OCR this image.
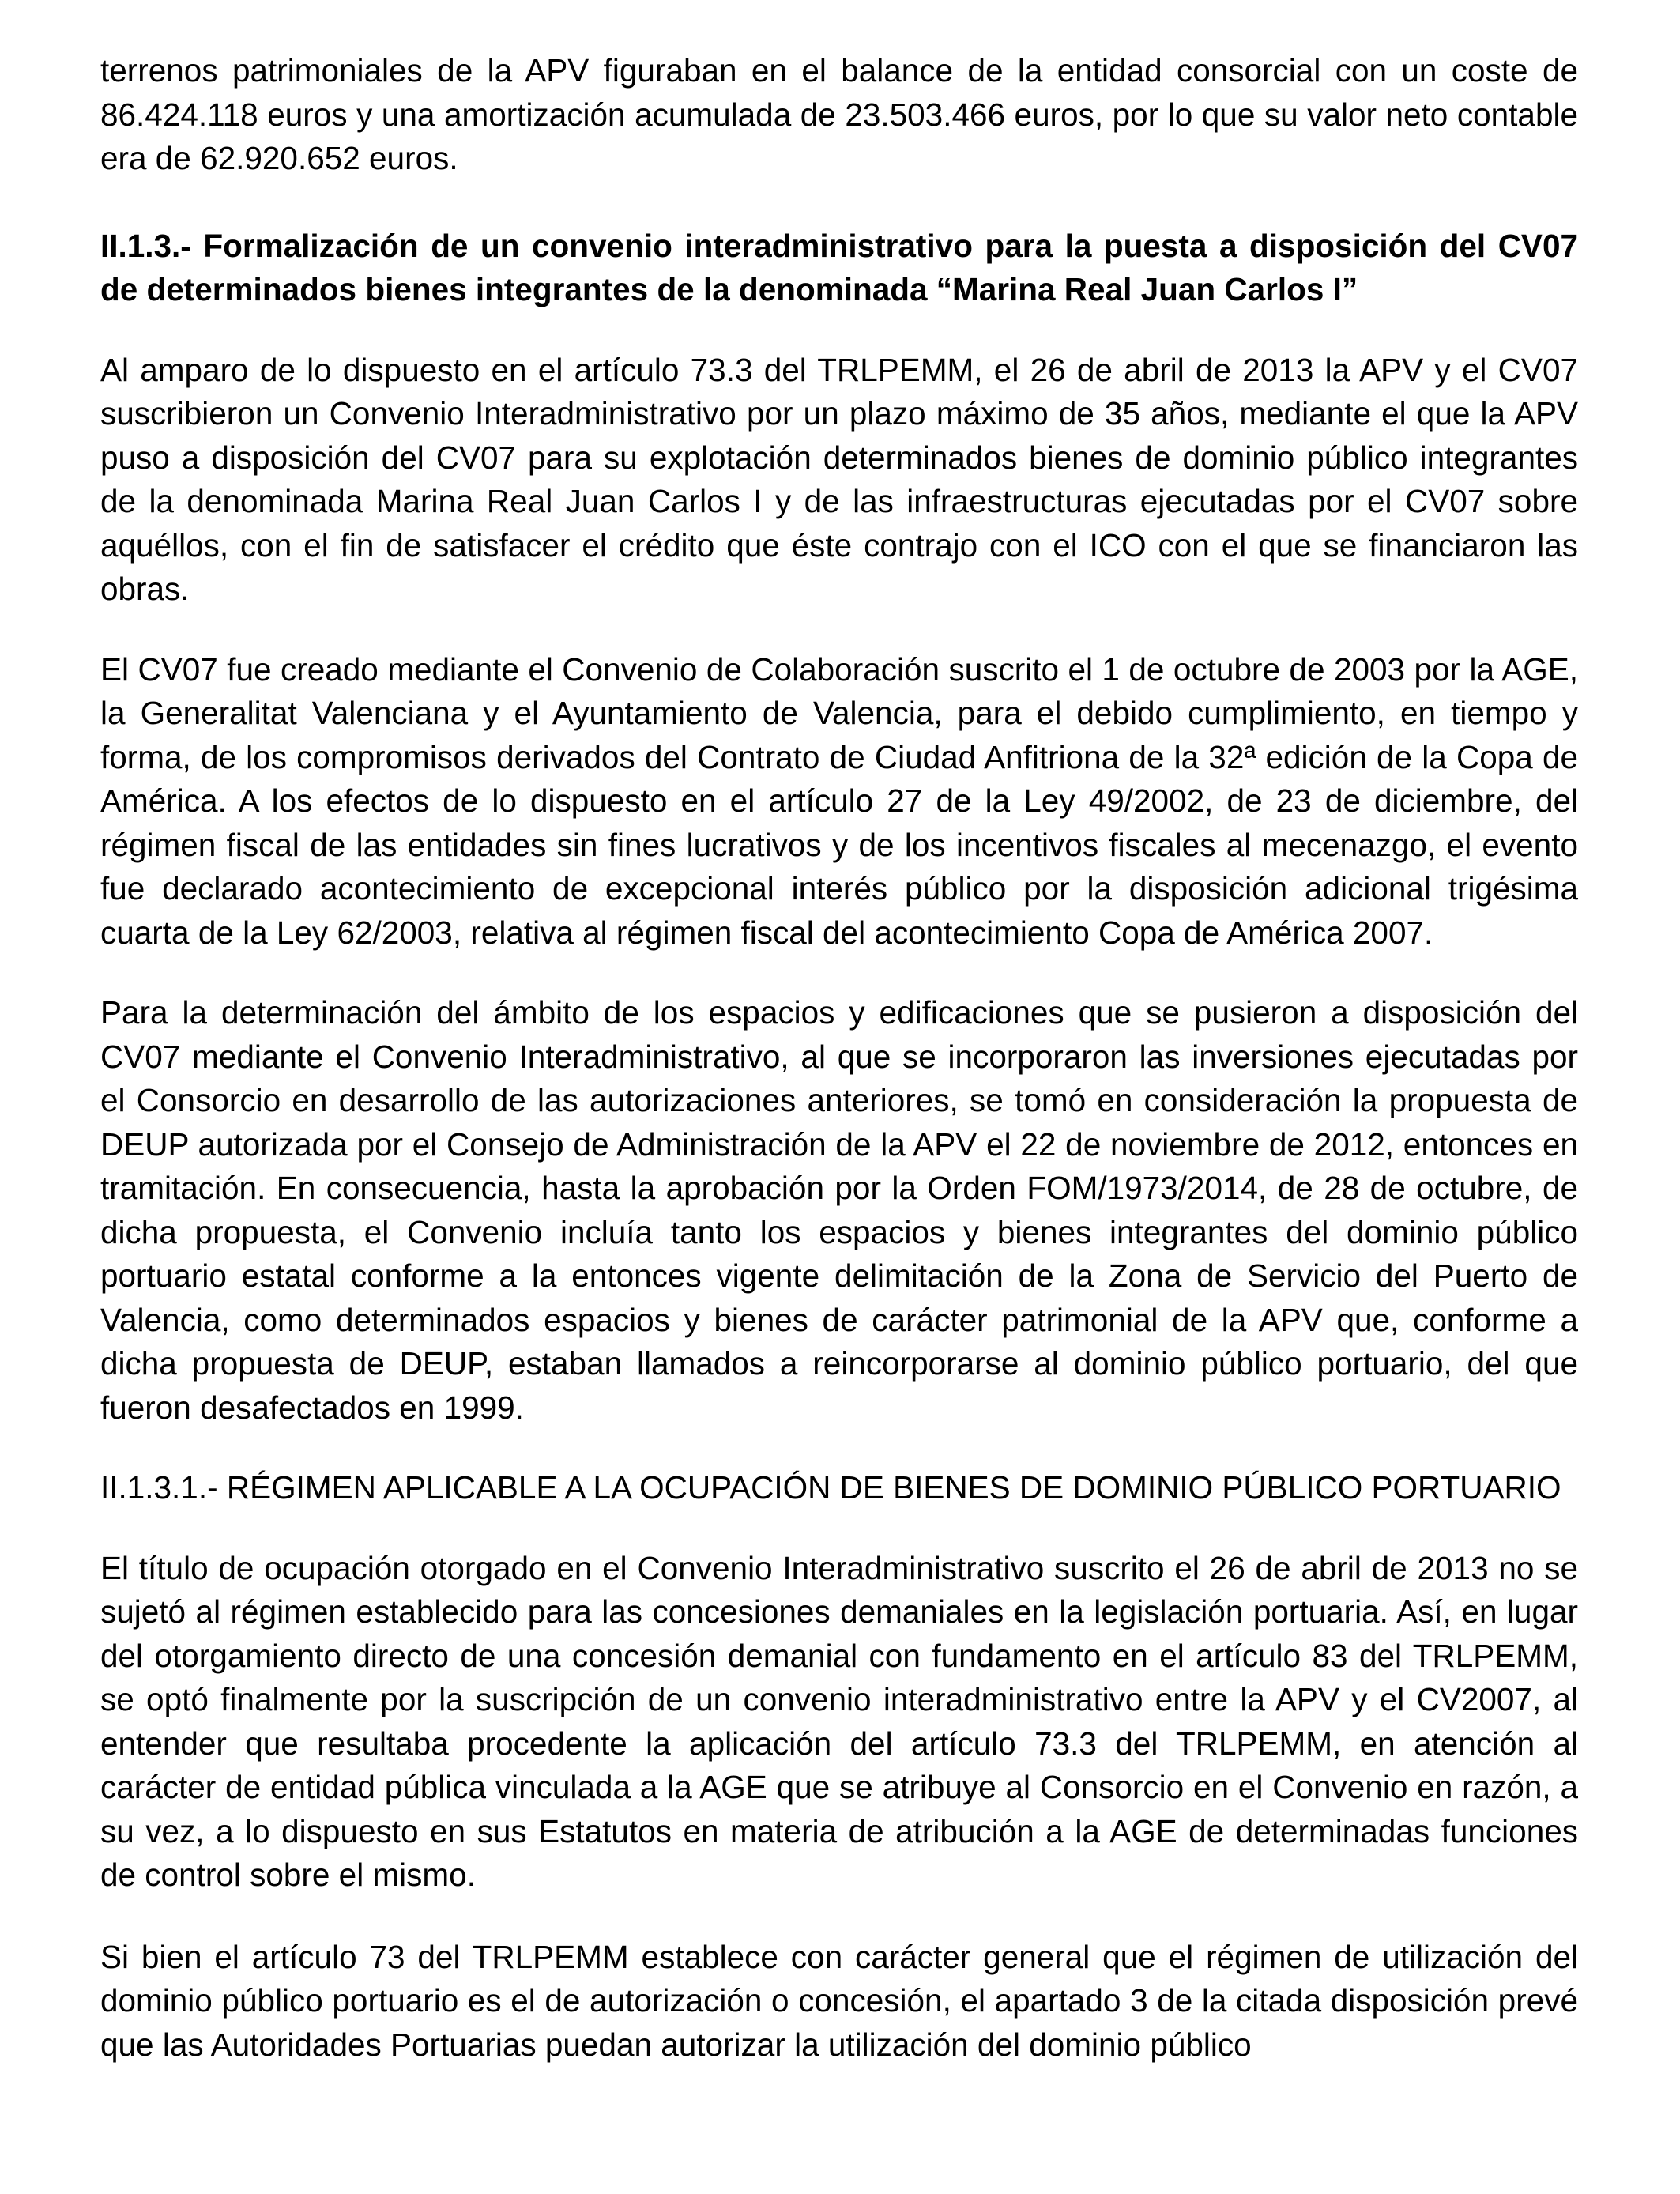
terrenos patrimoniales de la APV figuraban en el balance de la entidad consorcial con un coste de 86.424.118 euros y una amortización acumulada de 23.503.466 euros, por lo que su valor neto contable era de 62.920.652 euros.

II.1.3.- Formalización de un convenio interadministrativo para la puesta a disposición del CV07 de determinados bienes integrantes de la denominada “Marina Real Juan Carlos I”

Al amparo de lo dispuesto en el artículo 73.3 del TRLPEMM, el 26 de abril de 2013 la APV y el CV07 suscribieron un Convenio Interadministrativo por un plazo máximo de 35 años, mediante el que la APV puso a disposición del CV07 para su explotación determinados bienes de dominio público integrantes de la denominada Marina Real Juan Carlos I y de las infraestructuras ejecutadas por el CV07 sobre aquéllos, con el fin de satisfacer el crédito que éste contrajo con el ICO con el que se financiaron las obras.

El CV07 fue creado mediante el Convenio de Colaboración suscrito el 1 de octubre de 2003 por la AGE, la Generalitat Valenciana y el Ayuntamiento de Valencia, para el debido cumplimiento, en tiempo y forma, de los compromisos derivados del Contrato de Ciudad Anfitriona de la 32ª edición de la Copa de América. A los efectos de lo dispuesto en el artículo 27 de la Ley 49/2002, de 23 de diciembre, del régimen fiscal de las entidades sin fines lucrativos y de los incentivos fiscales al mecenazgo, el evento fue declarado acontecimiento de excepcional interés público por la disposición adicional trigésima cuarta de la Ley 62/2003, relativa al régimen fiscal del acontecimiento Copa de América 2007.

Para la determinación del ámbito de los espacios y edificaciones que se pusieron a disposición del CV07 mediante el Convenio Interadministrativo, al que se incorporaron las inversiones ejecutadas por el Consorcio en desarrollo de las autorizaciones anteriores, se tomó en consideración la propuesta de DEUP autorizada por el Consejo de Administración de la APV el 22 de noviembre de 2012, entonces en tramitación. En consecuencia, hasta la aprobación por la Orden FOM/1973/2014, de 28 de octubre, de dicha propuesta, el Convenio incluía tanto los espacios y bienes integrantes del dominio público portuario estatal conforme a la entonces vigente delimitación de la Zona de Servicio del Puerto de Valencia, como determinados espacios y bienes de carácter patrimonial de la APV que, conforme a dicha propuesta de DEUP, estaban llamados a reincorporarse al dominio público portuario, del que fueron desafectados en 1999.

II.1.3.1.- RÉGIMEN APLICABLE A LA OCUPACIÓN DE BIENES DE DOMINIO PÚBLICO PORTUARIO

El título de ocupación otorgado en el Convenio Interadministrativo suscrito el 26 de abril de 2013 no se sujetó al régimen establecido para las concesiones demaniales en la legislación portuaria. Así, en lugar del otorgamiento directo de una concesión demanial con fundamento en el artículo 83 del TRLPEMM, se optó finalmente por la suscripción de un convenio interadministrativo entre la APV y el CV2007, al entender que resultaba procedente la aplicación del artículo 73.3 del TRLPEMM, en atención al carácter de entidad pública vinculada a la AGE que se atribuye al Consorcio en el Convenio en razón, a su vez, a lo dispuesto en sus Estatutos en materia de atribución a la AGE de determinadas funciones de control sobre el mismo.

Si bien el artículo 73 del TRLPEMM establece con carácter general que el régimen de utilización del dominio público portuario es el de autorización o concesión, el apartado 3 de la citada disposición prevé que las Autoridades Portuarias puedan autorizar la utilización del dominio público
